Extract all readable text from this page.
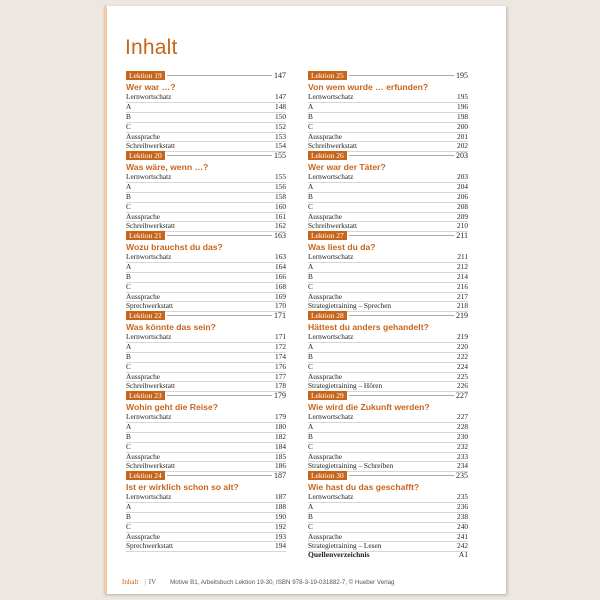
Inhalt
Lektion 19	147
Wer war …?
Lernwortschatz	147
A	148
B	150
C	152
Aussprache	153
Schreibwerkstatt	154
Lektion 20	155
Was wäre, wenn …?
Lernwortschatz	155
A	156
B	158
C	160
Aussprache	161
Schreibwerkstatt	162
Lektion 21	163
Wozu brauchst du das?
Lernwortschatz	163
A	164
B	166
C	168
Aussprache	169
Sprechwerkstatt	170
Lektion 22	171
Was könnte das sein?
Lernwortschatz	171
A	172
B	174
C	176
Aussprache	177
Schreibwerkstatt	178
Lektion 23	179
Wohin geht die Reise?
Lernwortschatz	179
A	180
B	182
C	184
Aussprache	185
Schreibwerkstatt	186
Lektion 24	187
Ist er wirklich schon so alt?
Lernwortschatz	187
A	188
B	190
C	192
Aussprache	193
Sprechwerkstatt	194
Lektion 25	195
Von wem wurde … erfunden?
Lernwortschatz	195
A	196
B	198
C	200
Aussprache	201
Schreibwerkstatt	202
Lektion 26	203
Wer war der Täter?
Lernwortschatz	203
A	204
B	206
C	208
Aussprache	209
Schreibwerkstatt	210
Lektion 27	211
Was liest du da?
Lernwortschatz	211
A	212
B	214
C	216
Aussprache	217
Strategietraining – Sprechen	218
Lektion 28	219
Hättest du anders gehandelt?
Lernwortschatz	219
A	220
B	222
C	224
Aussprache	225
Strategietraining – Hören	226
Lektion 29	227
Wie wird die Zukunft werden?
Lernwortschatz	227
A	228
B	230
C	232
Aussprache	233
Strategietraining – Schreiben	234
Lektion 30	235
Wie hast du das geschafft?
Lernwortschatz	235
A	236
B	238
C	240
Aussprache	241
Strategietraining – Lesen	242
Quellenverzeichnis	A1
Inhalt | IV Motive B1, Arbeitsbuch Lektion 19-30, ISBN 978-3-19-031882-7, © Hueber Verlag
